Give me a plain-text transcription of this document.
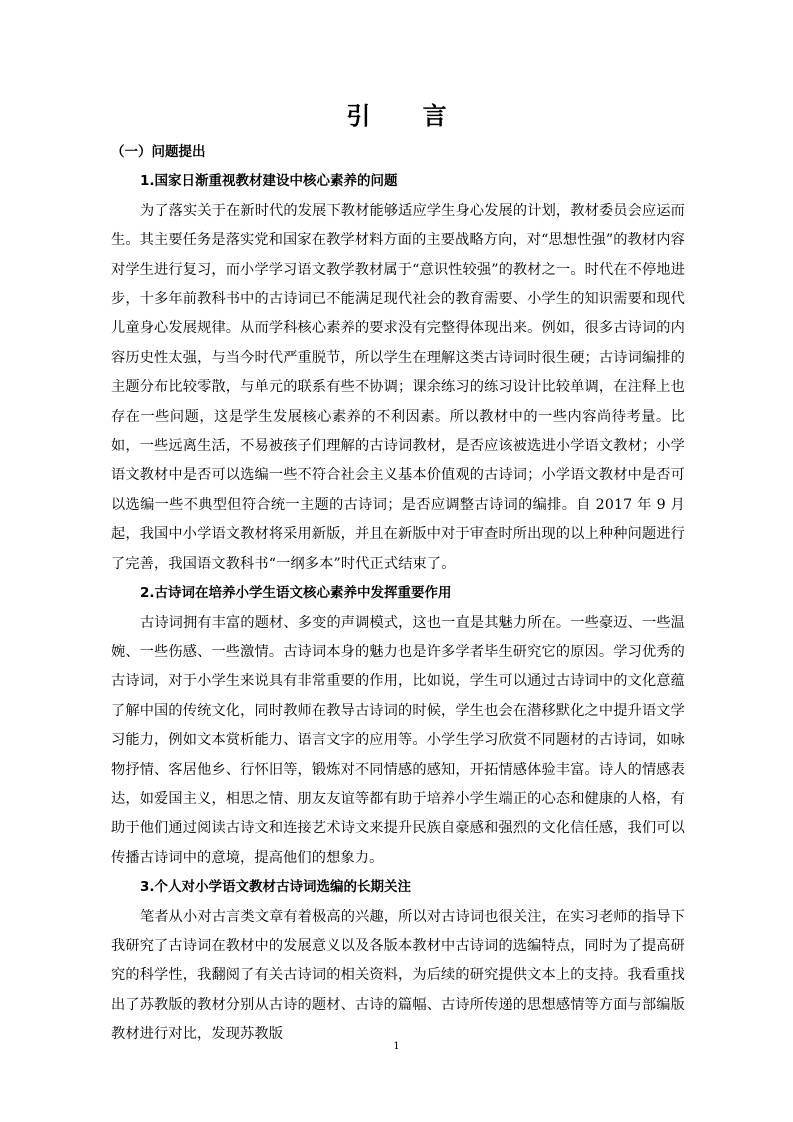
引 言

（一）问题提出

1.国家日渐重视教材建设中核心素养的问题

为了落实关于在新时代的发展下教材能够适应学生身心发展的计划，教材委员会应运而生。其主要任务是落实党和国家在教学材料方面的主要战略方向，对“思想性强”的教材内容对学生进行复习，而小学学习语文教学教材属于“意识性较强”的教材之一。时代在不停地进步，十多年前教科书中的古诗词已不能满足现代社会的教育需要、小学生的知识需要和现代儿童身心发展规律。从而学科核心素养的要求没有完整得体现出来。例如，很多古诗词的内容历史性太强，与当今时代严重脱节，所以学生在理解这类古诗词时很生硬；古诗词编排的主题分布比较零散，与单元的联系有些不协调；课余练习的练习设计比较单调，在注释上也存在一些问题，这是学生发展核心素养的不利因素。所以教材中的一些内容尚待考量。比如，一些远离生活，不易被孩子们理解的古诗词教材，是否应该被选进小学语文教材；小学语文教材中是否可以选编一些不符合社会主义基本价值观的古诗词；小学语文教材中是否可以选编一些不典型但符合统一主题的古诗词；是否应调整古诗词的编排。自 2017 年 9 月起，我国中小学语文教材将采用新版，并且在新版中对于审查时所出现的以上种种问题进行了完善，我国语文教科书“一纲多本”时代正式结束了。

2.古诗词在培养小学生语文核心素养中发挥重要作用

古诗词拥有丰富的题材、多变的声调模式，这也一直是其魅力所在。一些豪迈、一些温婉、一些伤感、一些激情。古诗词本身的魅力也是许多学者毕生研究它的原因。学习优秀的古诗词，对于小学生来说具有非常重要的作用，比如说，学生可以通过古诗词中的文化意蕴了解中国的传统文化，同时教师在教导古诗词的时候，学生也会在潜移默化之中提升语文学习能力，例如文本赏析能力、语言文字的应用等。小学生学习欣赏不同题材的古诗词，如咏物抒情、客居他乡、行怀旧等，锻炼对不同情感的感知，开拓情感体验丰富。诗人的情感表达，如爱国主义，相思之情、朋友友谊等都有助于培养小学生端正的心态和健康的人格，有助于他们通过阅读古诗文和连接艺术诗文来提升民族自豪感和强烈的文化信任感，我们可以传播古诗词中的意境，提高他们的想象力。

3.个人对小学语文教材古诗词选编的长期关注

笔者从小对古言类文章有着极高的兴趣，所以对古诗词也很关注，在实习老师的指导下我研究了古诗词在教材中的发展意义以及各版本教材中古诗词的选编特点，同时为了提高研究的科学性，我翻阅了有关古诗词的相关资料，为后续的研究提供文本上的支持。我看重找出了苏教版的教材分别从古诗的题材、古诗的篇幅、古诗所传递的思想感情等方面与部编版教材进行对比，发现苏教版

1
